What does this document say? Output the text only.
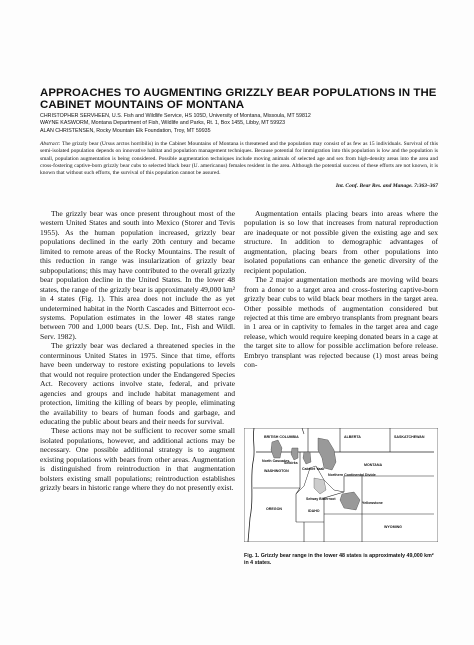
APPROACHES TO AUGMENTING GRIZZLY BEAR POPULATIONS IN THE CABINET MOUNTAINS OF MONTANA
CHRISTOPHER SERVHEEN, U.S. Fish and Wildlife Service, HS 105D, University of Montana, Missoula, MT 59812
WAYNE KASWORM, Montana Department of Fish, Wildlife and Parks, Rt. 1, Box 1455, Libby, MT 59923
ALAN CHRISTENSEN, Rocky Mountain Elk Foundation, Troy, MT 59935
Abstract: The grizzly bear (Ursus arctos horribilis) in the Cabinet Mountains of Montana is threatened and the population may consist of as few as 15 individuals. Survival of this semi-isolated population depends on innovative habitat and population management techniques. Because potential for immigration into this population is low and the population is small, population augmentation is being considered. Possible augmentation techniques include moving animals of selected age and sex from high-density areas into the area and cross-fostering captive-born grizzly bear cubs to selected black bear (U. americanus) females resident in the area. Although the potential success of these efforts are not known, it is known that without such efforts, the survival of this population cannot be assured.
Int. Conf. Bear Res. and Manage. 7:363–367

The grizzly bear was once present throughout most of the western United States and south into Mexico (Storer and Tevis 1955). As the human population increased, grizzly bear populations declined in the early 20th century and became limited to remote areas of the Rocky Mountains. The result of this reduction in range was insularization of grizzly bear subpopulations; this may have contributed to the overall grizzly bear population decline in the United States. In the lower 48 states, the range of the grizzly bear is approximately 49,000 km² in 4 states (Fig. 1). This area does not include the as yet undetermined habitat in the North Cascades and Bitterroot eco-systems. Population estimates in the lower 48 states range between 700 and 1,000 bears (U.S. Dep. Int., Fish and Wildl. Serv. 1982).

The grizzly bear was declared a threatened species in the conterminous United States in 1975. Since that time, efforts have been underway to restore existing populations to levels that would not require protection under the Endangered Species Act. Recovery actions involve state, federal, and private agencies and groups and include habitat management and protection, limiting the killing of bears by people, eliminating the availability to bears of human foods and garbage, and educating the public about bears and their needs for survival.

These actions may not be sufficient to recover some small isolated populations, however, and additional actions may be necessary. One possible additional strategy is to augment existing populations with bears from other areas. Augmentation is distinguished from reintroduction in that augmentation bolsters existing small populations; reintroduction establishes grizzly bears in historic range where they do not presently exist.

Augmentation entails placing bears into areas where the population is so low that increases from natural reproduction are inadequate or not possible given the existing age and sex structure. In addition to demographic advantages of augmentation, placing bears from other populations into isolated populations can enhance the genetic diversity of the recipient population.

The 2 major augmentation methods are moving wild bears from a donor to a target area and cross-fostering captive-born grizzly bear cubs to wild black bear mothers in the target area. Other possible methods of augmentation considered but rejected at this time are embryo transplants from pregnant bears in 1 area or in captivity to females in the target area and cage release, which would require keeping donated bears in a cage at the target site to allow for possible acclimation before release. Embryo transplant was rejected because (1) most areas being con-

BRITISH COLUMBIA	ALBERTA	SASKATCHEWAN
North Cascades
Selkirks
WASHINGTON	Cabinet Yaak
MONTANA
Northern Continental Divide
OREGON	IDAHO
Selway Bitterroot
Yellowstone
WYOMING
Fig. 1. Grizzly bear range in the lower 48 states is approximately 49,000 km² in 4 states.
